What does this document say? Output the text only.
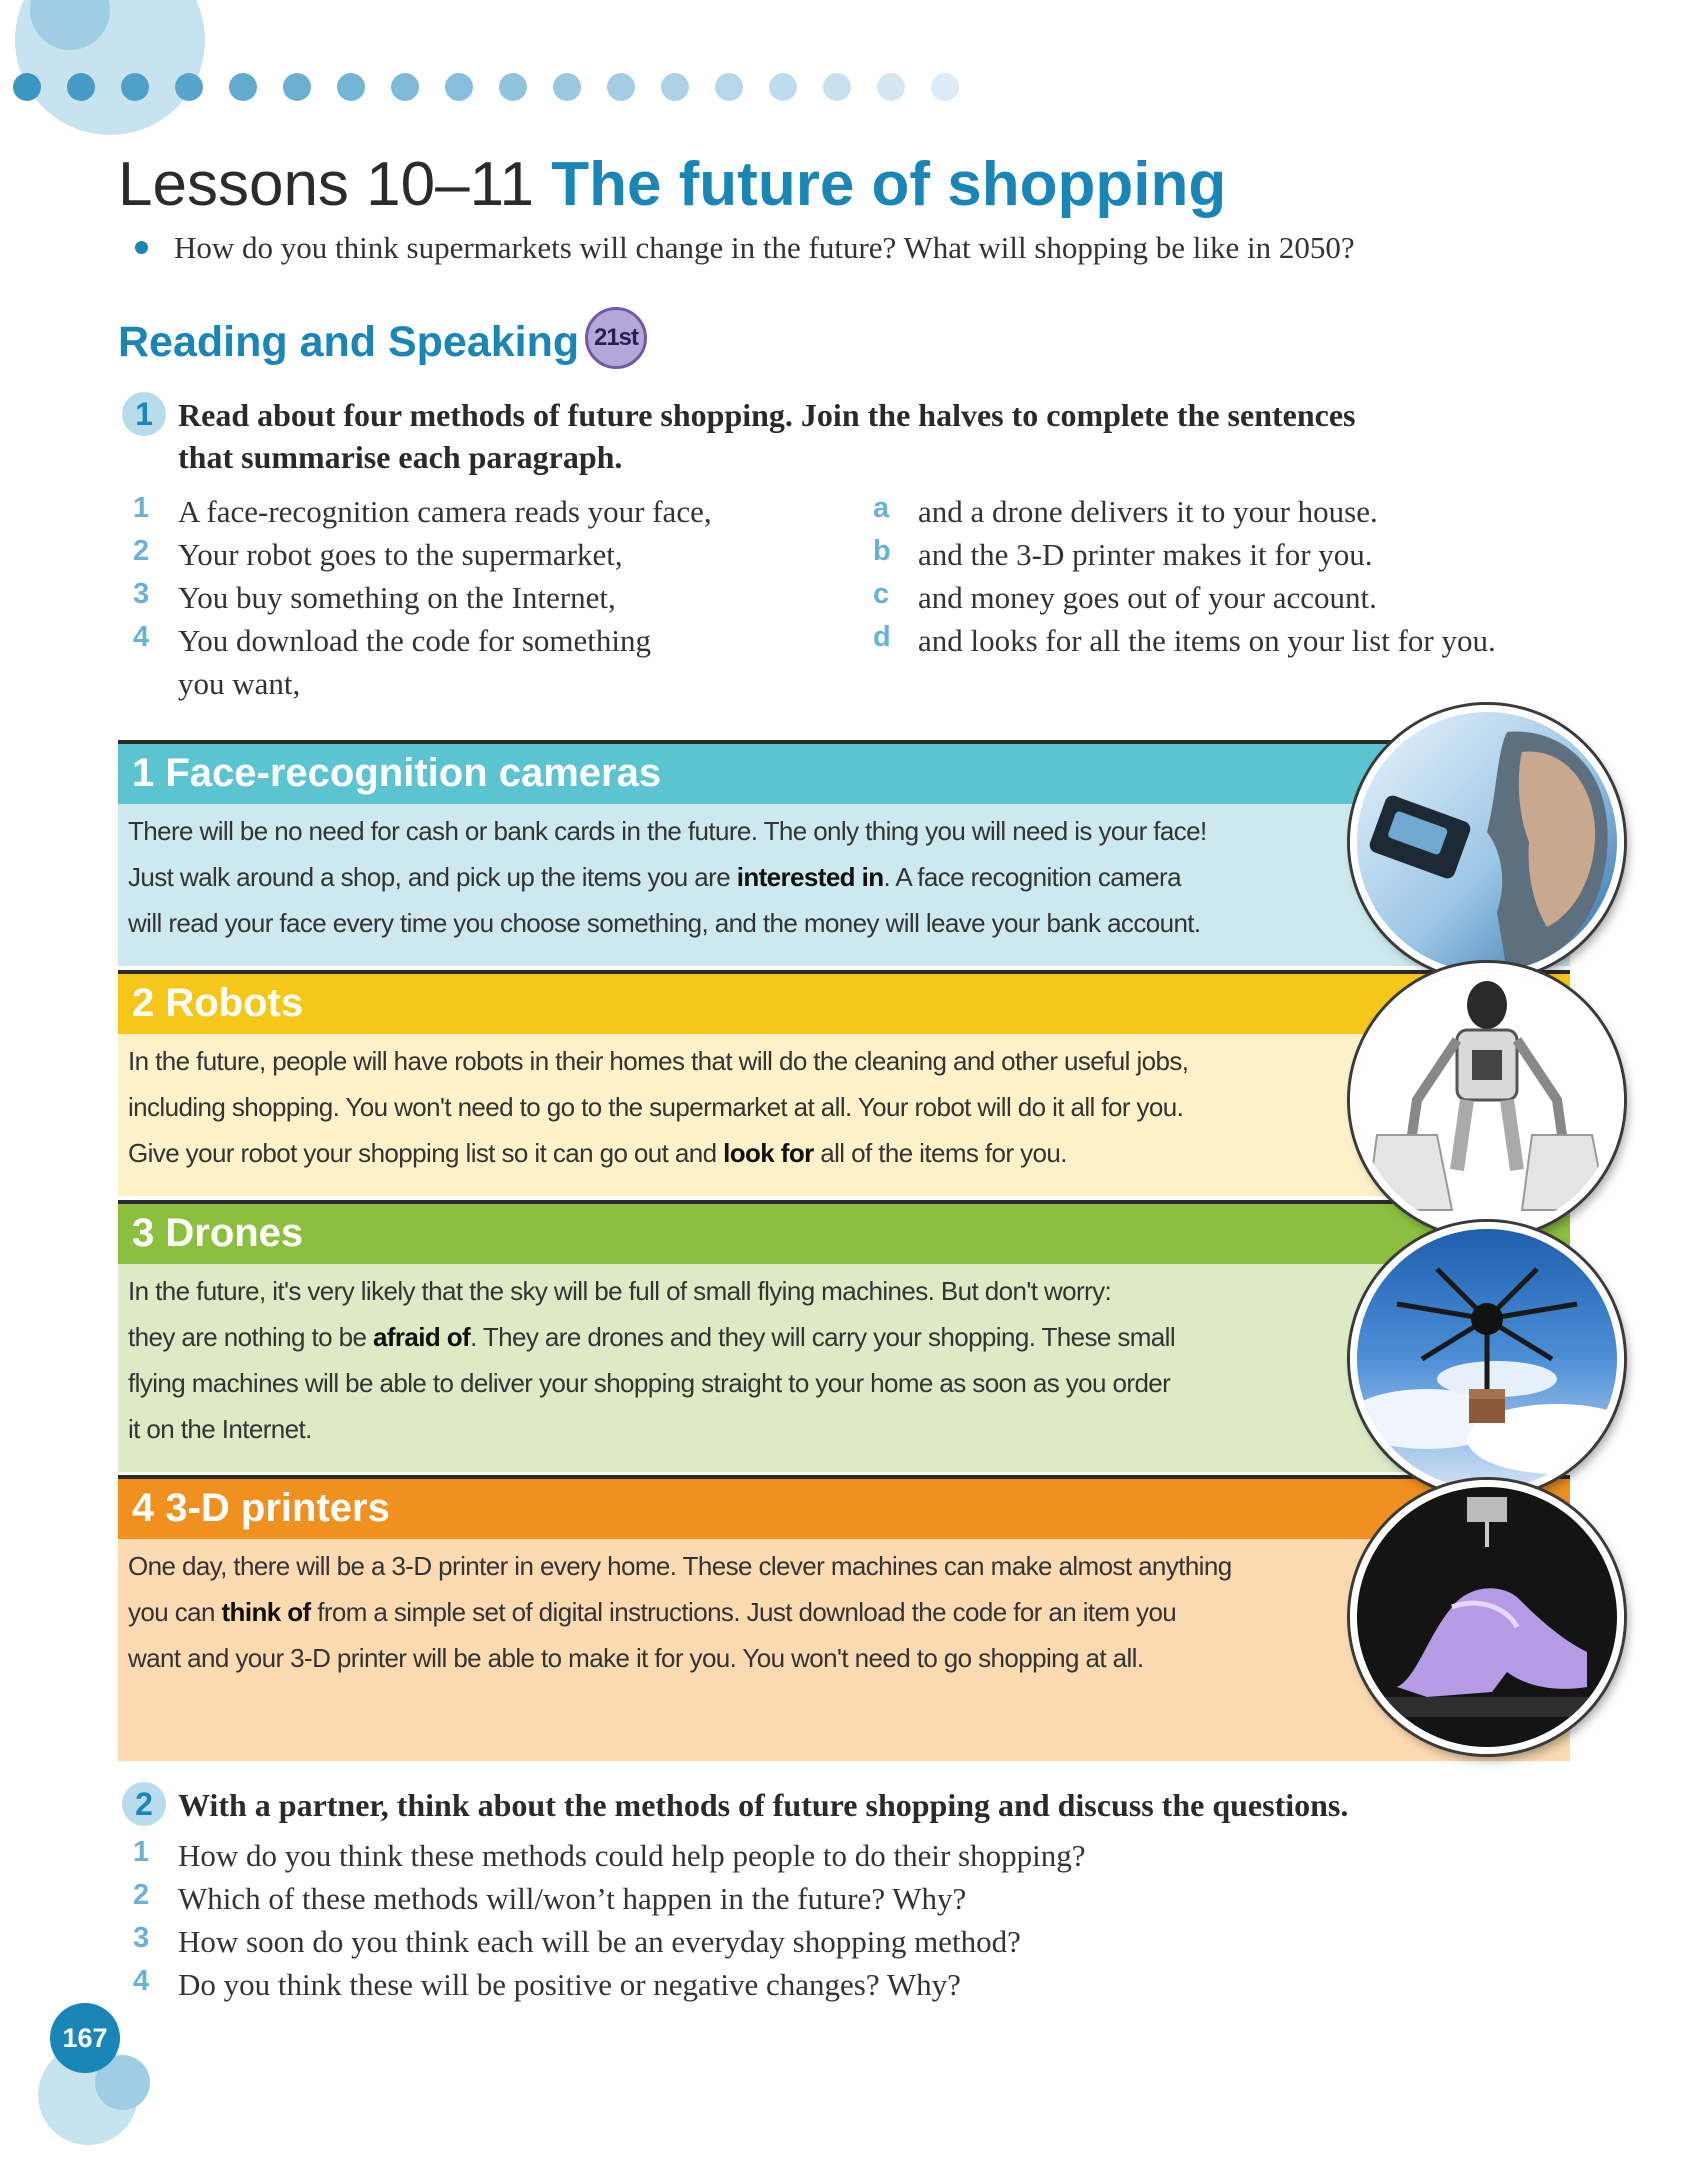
Lessons 10–11 The future of shopping
How do you think supermarkets will change in the future? What will shopping be like in 2050?
Reading and Speaking 21st
1 Read about four methods of future shopping. Join the halves to complete the sentences
that summarise each paragraph.
1 A face-recognition camera reads your face,
2 Your robot goes to the supermarket,
3 You buy something on the Internet,
4 You download the code for something
you want,
a and a drone delivers it to your house.
b and the 3-D printer makes it for you.
c and money goes out of your account.
d and looks for all the items on your list for you.
1 Face-recognition cameras
There will be no need for cash or bank cards in the future. The only thing you will need is your face!
Just walk around a shop, and pick up the items you are interested in. A face recognition camera
will read your face every time you choose something, and the money will leave your bank account.
2 Robots
In the future, people will have robots in their homes that will do the cleaning and other useful jobs,
including shopping. You won't need to go to the supermarket at all. Your robot will do it all for you.
Give your robot your shopping list so it can go out and look for all of the items for you.
3 Drones
In the future, it's very likely that the sky will be full of small flying machines. But don't worry:
they are nothing to be afraid of. They are drones and they will carry your shopping. These small
flying machines will be able to deliver your shopping straight to your home as soon as you order
it on the Internet.
4 3-D printers
One day, there will be a 3-D printer in every home. These clever machines can make almost anything
you can think of from a simple set of digital instructions. Just download the code for an item you
want and your 3-D printer will be able to make it for you. You won't need to go shopping at all.
2 With a partner, think about the methods of future shopping and discuss the questions.
1 How do you think these methods could help people to do their shopping?
2 Which of these methods will/won’t happen in the future? Why?
3 How soon do you think each will be an everyday shopping method?
4 Do you think these will be positive or negative changes? Why?
167
